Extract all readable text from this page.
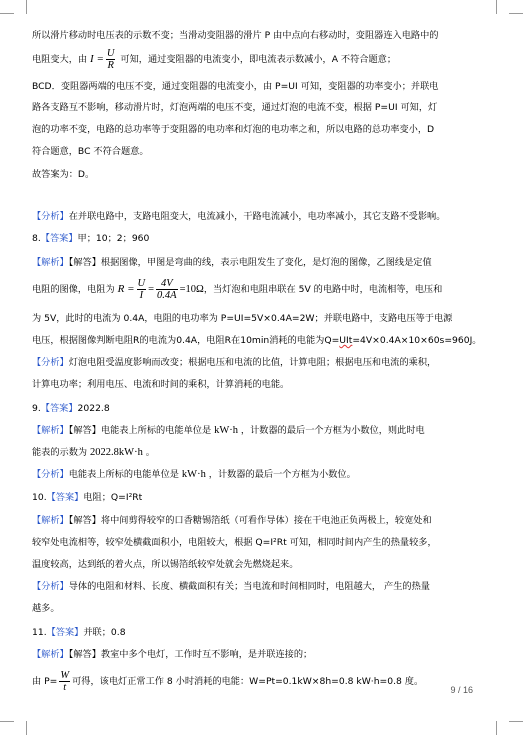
所以滑片移动时电压表的示数不变；当滑动变阻器的滑片 P 由中点向右移动时，变阻器连入电路中的
电阻变大，由 $I = \frac{U}{R}$ 可知，通过变阻器的电流变小，即电流表示数减小，A 不符合题意；
BCD．变阻器两端的电压不变，通过变阻器的电流变小，由 P=UI 可知，变阻器的功率变小；并联电
路各支路互不影响，移动滑片时，灯泡两端的电压不变，通过灯泡的电流不变，根据 P=UI 可知，灯
泡的功率不变，电路的总功率等于变阻器的电功率和灯泡的电功率之和，所以电路的总功率变小，D
符合题意，BC 不符合题意。
故答案为：D。
【分析】在并联电路中，支路电阻变大，电流减小，干路电流减小，电功率减小，其它支路不受影响。
8.【答案】甲；10；2；960
【解析】【解答】根据图像，甲图是弯曲的线，表示电阻发生了变化，是灯泡的图像，乙图线是定值
电阻的图像，电阻为 $R = \frac{U}{I} = \frac{4V}{0.4A} =10\Omega$，当灯泡和电阻串联在 5V 的电路中时，电流相等，电压和
为 5V，此时的电流为 0.4A，电阻的电功率为 P=UI=5V×0.4A=2W；并联电路中，支路电压等于电源
电压，根据图像判断电阻R的电流为0.4A，电阻R在10min消耗的电能为Q=UIt=4V×0.4A×10×60s=960J。
【分析】灯泡电阻受温度影响而改变；根据电压和电流的比值，计算电阻；根据电压和电流的乘积，
计算电功率；利用电压、电流和时间的乘积，计算消耗的电能。
9.【答案】2022.8
【解析】【解答】电能表上所标的电能单位是 kW·h ，计数器的最后一个方框为小数位，则此时电
能表的示数为 2022.8kW·h 。
【分析】电能表上所标的电能单位是 kW·h ，计数器的最后一个方框为小数位。
10.【答案】电阻；Q=I²Rt
【解析】【解答】将中间剪得较窄的口香糖锡箔纸（可看作导体）接在干电池正负两极上，较宽处和
较窄处电流相等，较窄处横截面积小，电阻较大，根据 Q=I²Rt 可知，相同时间内产生的热量较多，
温度较高，达到纸的着火点，所以锡箔纸较窄处就会先燃烧起来。
【分析】导体的电阻和材料、长度、横截面积有关；当电流和时间相同时，电阻越大， 产生的热量
越多。
11.【答案】并联；0.8
【解析】【解答】教室中多个电灯，工作时互不影响，是并联连接的；
由 $P= \frac{W}{t}$ 可得，该电灯正常工作 8 小时消耗的电能：W=Pt=0.1kW×8h=0.8 kW·h=0.8 度。
9 / 16
